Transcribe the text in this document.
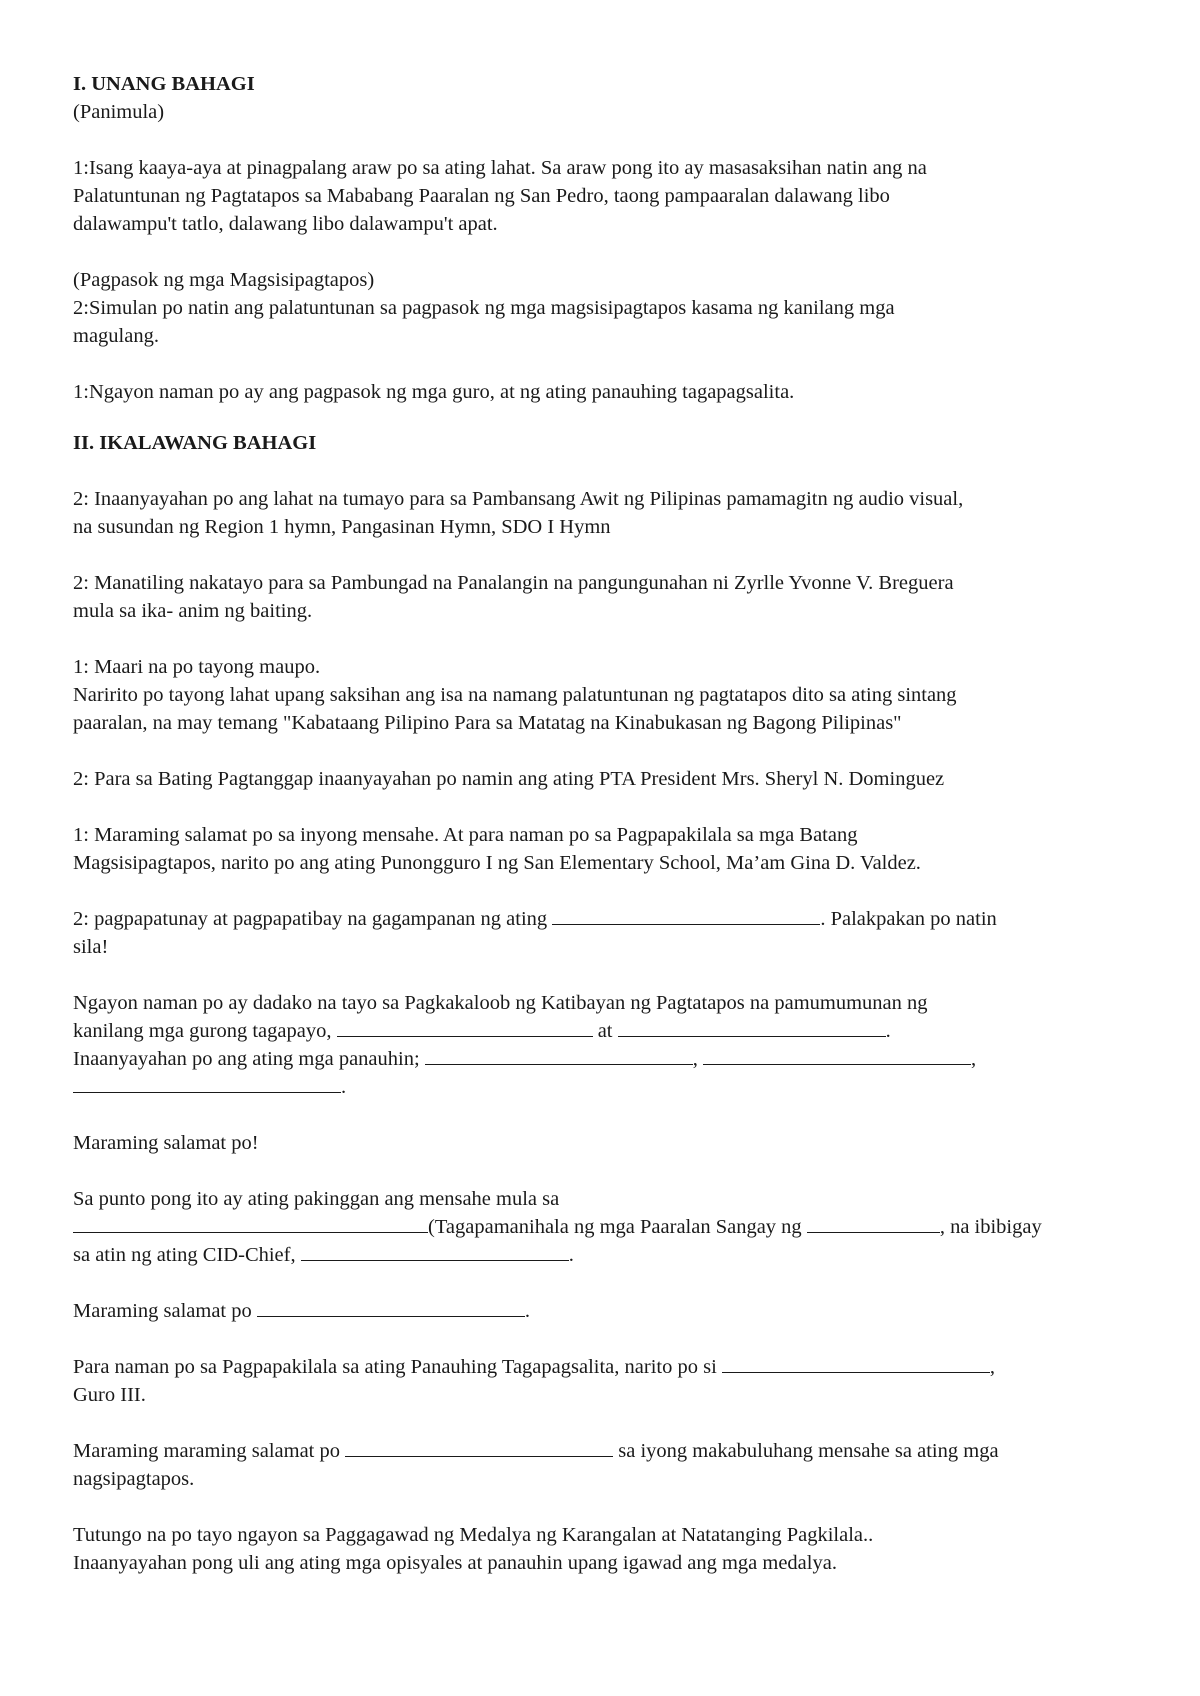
I. UNANG BAHAGI

(Panimula)

1:Isang kaaya-aya at pinagpalang araw po sa ating lahat. Sa araw pong ito ay masasaksihan natin ang na

Palatuntunan ng Pagtatapos sa Mababang Paaralan ng San Pedro, taong pampaaralan dalawang libo

dalawampu't tatlo, dalawang libo dalawampu't apat.

(Pagpasok ng mga Magsisipagtapos)

2:Simulan po natin ang palatuntunan sa pagpasok ng mga magsisipagtapos kasama ng kanilang mga

magulang.

1:Ngayon naman po ay ang pagpasok ng mga guro, at ng ating panauhing tagapagsalita.

II. IKALAWANG BAHAGI

2: Inaanyayahan po ang lahat na tumayo para sa Pambansang Awit ng Pilipinas pamamagitn ng audio visual,

na susundan ng Region 1 hymn, Pangasinan Hymn, SDO I Hymn

2: Manatiling nakatayo para sa Pambungad na Panalangin na pangungunahan ni Zyrlle Yvonne V. Breguera

mula sa ika- anim ng baiting.

1: Maari na po tayong maupo.

Naririto po tayong lahat upang saksihan ang isa na namang palatuntunan ng pagtatapos dito sa ating sintang

paaralan, na may temang "Kabataang Pilipino Para sa Matatag na Kinabukasan ng Bagong Pilipinas"

2: Para sa Bating Pagtanggap inaanyayahan po namin ang ating PTA President Mrs. Sheryl N. Dominguez

1: Maraming salamat po sa inyong mensahe. At para naman po sa Pagpapakilala sa mga Batang

Magsisipagtapos, narito po ang ating Punongguro I ng San Elementary School, Ma’am Gina D. Valdez.

2: pagpapatunay at pagpapatibay na gagampanan ng ating	. Palakpakan po natin

sila!

Ngayon naman po ay dadako na tayo sa Pagkakaloob ng Katibayan ng Pagtatapos na pamumumunan ng

kanilang mga gurong tagapayo,	at	.

Inaanyayahan po ang ating mga panauhin;	,	,

.

Maraming salamat po!

Sa punto pong ito ay ating pakinggan ang mensahe mula sa

(Tagapamanihala ng mga Paaralan Sangay ng	, na ibibigay

sa atin ng ating CID-Chief,	.

Maraming salamat po	.

Para naman po sa Pagpapakilala sa ating Panauhing Tagapagsalita, narito po si	,

Guro III.

Maraming maraming salamat po	sa iyong makabuluhang mensahe sa ating mga

nagsipagtapos.

Tutungo na po tayo ngayon sa Paggagawad ng Medalya ng Karangalan at Natatanging Pagkilala..

Inaanyayahan pong uli ang ating mga opisyales at panauhin upang igawad ang mga medalya.
